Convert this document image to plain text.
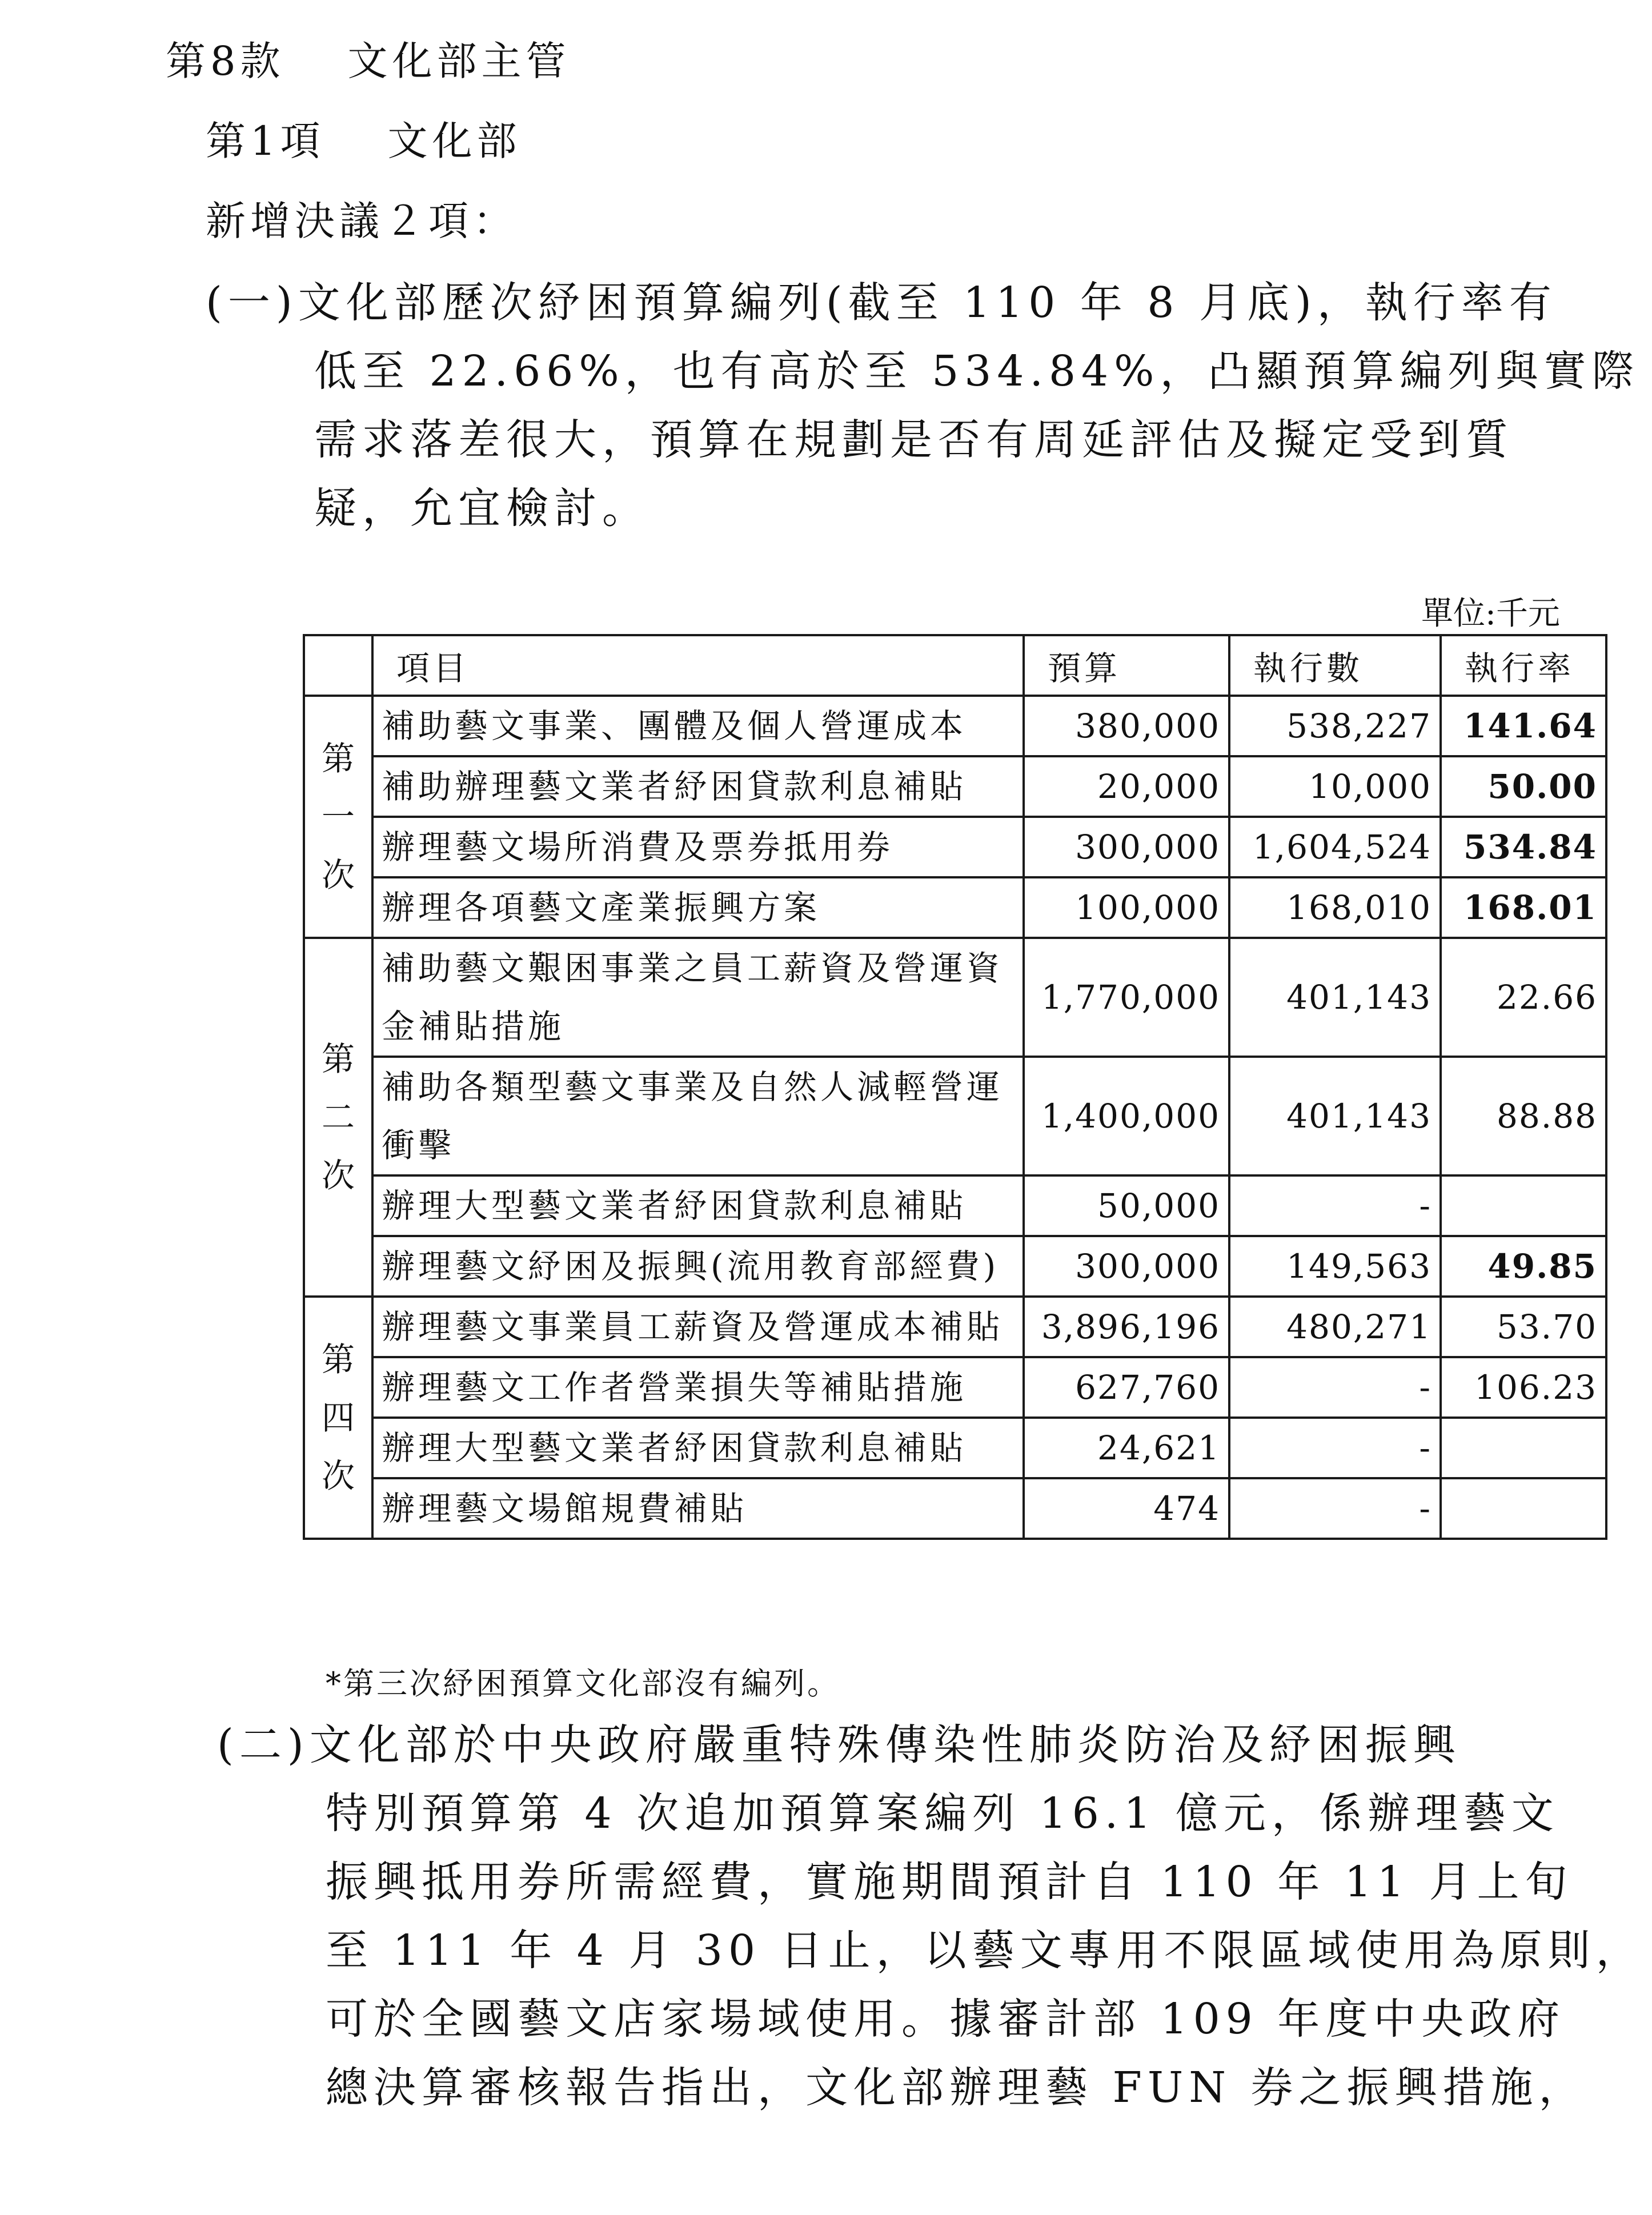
第8款 文化部主管
第1項 文化部
新增決議２項：
(一)文化部歷次紓困預算編列(截至 110 年 8 月底)，執行率有
低至 22.66%，也有高於至 534.84%，凸顯預算編列與實際
需求落差很大，預算在規劃是否有周延評估及擬定受到質
疑，允宜檢討。
單位:千元
	項目	預算	執行數	執行率

第
一
次	補助藝文事業、團體及個人營運成本	380,000	538,227	141.64
	補助辦理藝文業者紓困貸款利息補貼	20,000	10,000	50.00
	辦理藝文場所消費及票券抵用券	300,000	1,604,524	534.84
	辦理各項藝文產業振興方案	100,000	168,010	168.01

第
二
次	補助藝文艱困事業之員工薪資及營運資金補貼措施	1,770,000	401,143	22.66
	補助各類型藝文事業及自然人減輕營運衝擊	1,400,000	401,143	88.88
	辦理大型藝文業者紓困貸款利息補貼	50,000	-	
	辦理藝文紓困及振興(流用教育部經費)	300,000	149,563	49.85

第
四
次	辦理藝文事業員工薪資及營運成本補貼	3,896,196	480,271	53.70
	辦理藝文工作者營業損失等補貼措施	627,760	-	106.23
	辦理大型藝文業者紓困貸款利息補貼	24,621	-	
	辦理藝文場館規費補貼	474	-	
*第三次紓困預算文化部沒有編列。
(二)文化部於中央政府嚴重特殊傳染性肺炎防治及紓困振興
特別預算第 4 次追加預算案編列 16.1 億元，係辦理藝文
振興抵用券所需經費，實施期間預計自 110 年 11 月上旬
至 111 年 4 月 30 日止，以藝文專用不限區域使用為原則，
可於全國藝文店家場域使用。據審計部 109 年度中央政府
總決算審核報告指出，文化部辦理藝 FUN 券之振興措施，
